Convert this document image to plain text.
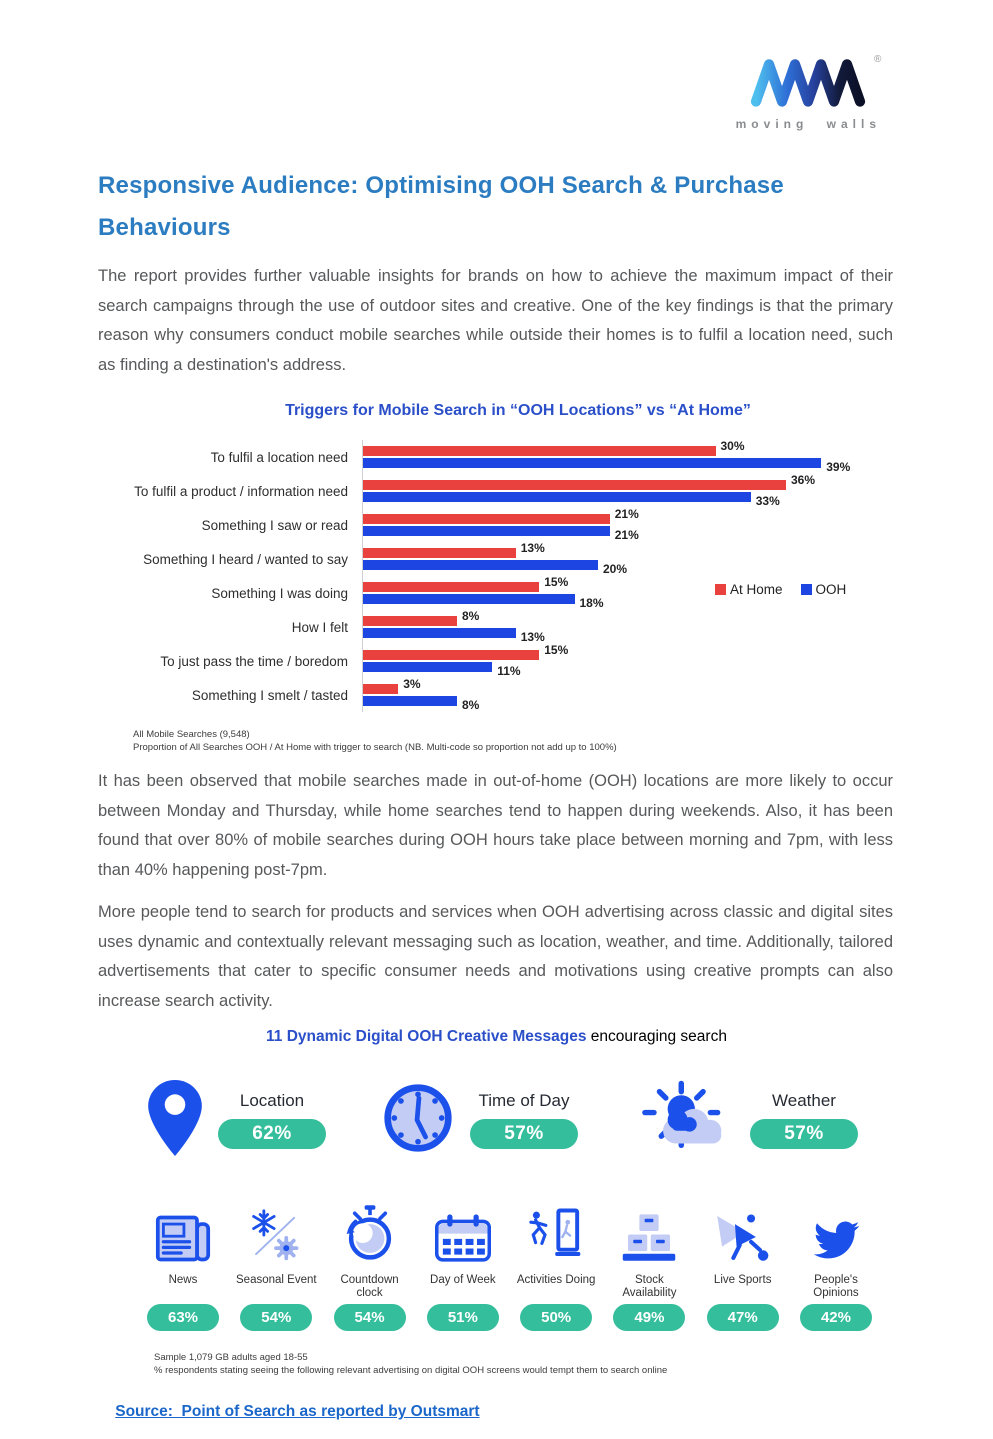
®
moving walls
Responsive Audience: Optimising OOH Search & Purchase Behaviours

The report provides further valuable insights for brands on how to achieve the maximum impact of their search campaigns through the use of outdoor sites and creative. One of the key findings is that the primary reason why consumers conduct mobile searches while outside their homes is to fulfil a location need, such as finding a destination's address.

Triggers for Mobile Search in “OOH Locations” vs “At Home”
At Home OOH
To fulfil a location need
30%
39%
To fulfil a product / information need
36%
33%
Something I saw or read
21%
21%
Something I heard / wanted to say
13%
20%
Something I was doing
15%
18%
How I felt
8%
13%
To just pass the time / boredom
15%
11%
Something I smelt / tasted
3%
8%
All Mobile Searches (9,548)
Proportion of All Searches OOH / At Home with trigger to search (NB. Multi-code so proportion not add up to 100%)

It has been observed that mobile searches made in out-of-home (OOH) locations are more likely to occur between Monday and Thursday, while home searches tend to happen during weekends. Also, it has been found that over 80% of mobile searches during OOH hours take place between morning and 7pm, with less than 40% happening post-7pm.

More people tend to search for products and services when OOH advertising across classic and digital sites uses dynamic and contextually relevant messaging such as location, weather, and time. Additionally, tailored advertisements that cater to specific consumer needs and motivations using creative prompts can also increase search activity.

11 Dynamic Digital OOH Creative Messages encouraging search
Location
62%
Time of Day
57%
Weather
57%
News
63%
Seasonal Event
54%
Countdown clock
54%
Day of Week
51%
Activities Doing
50%
Stock Availability
49%
Live Sports
47%
People's Opinions
42%
Sample 1,079 GB adults aged 18-55
% respondents stating seeing the following relevant advertising on digital OOH screens would tempt them to search online

Source:  Point of Search as reported by Outsmart
